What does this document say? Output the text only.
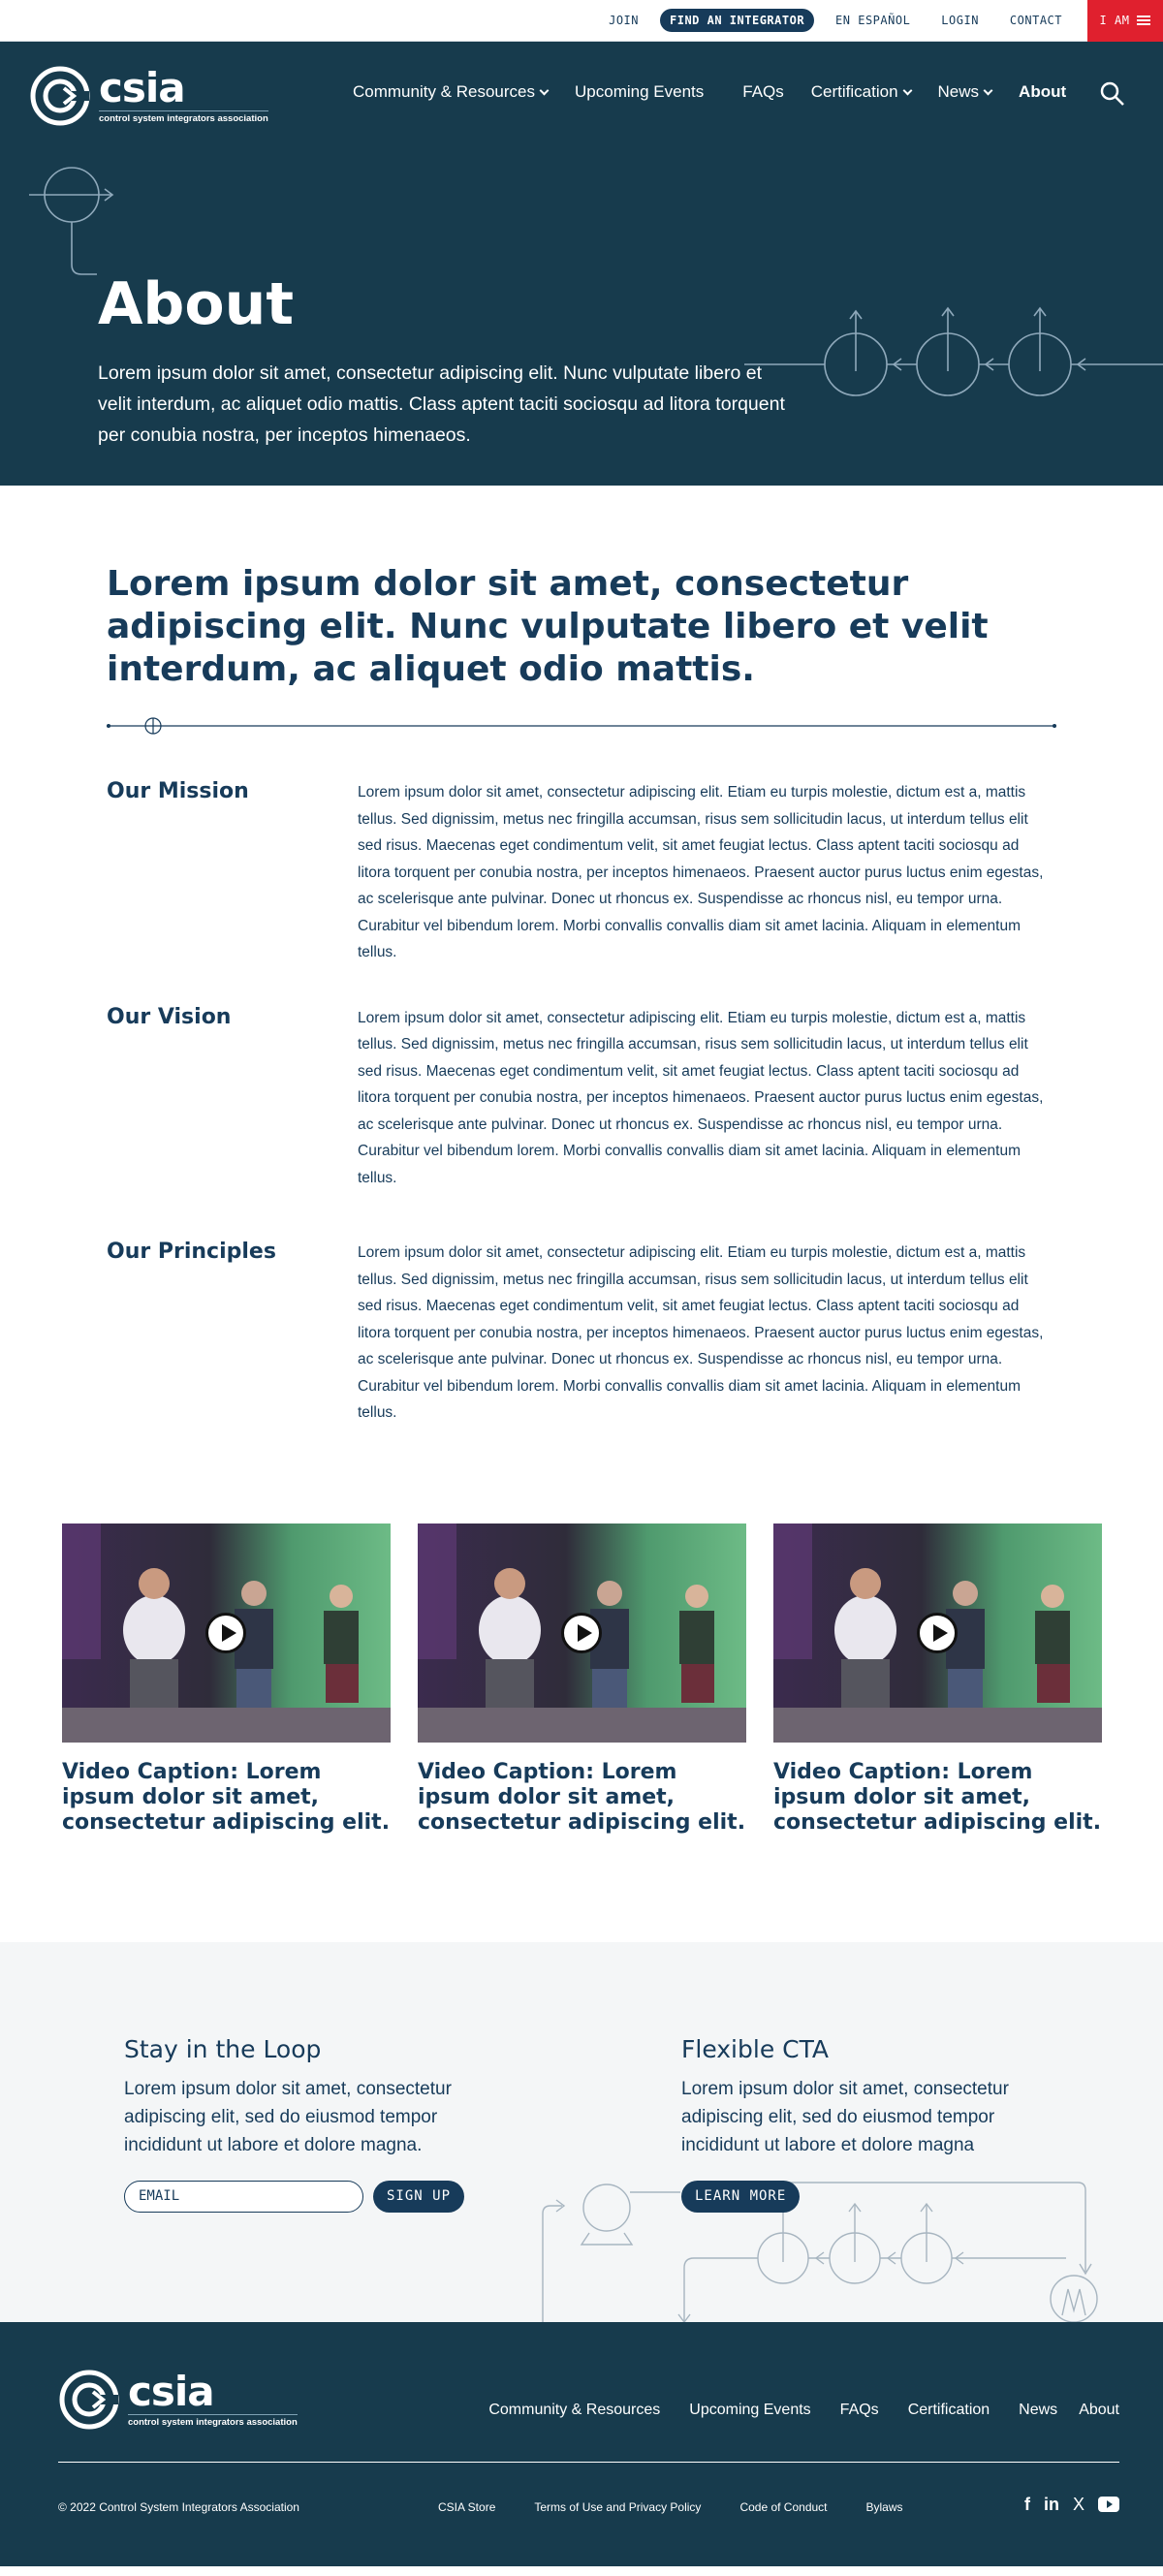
JOIN	FIND AN INTEGRATOR	EN ESPAÑOL	LOGIN	CONTACT	I AM
csia
control system integrators association
Community & Resources Upcoming Events FAQs Certification News About
About

Lorem ipsum dolor sit amet, consectetur adipiscing elit. Nunc vulputate libero et velit interdum, ac aliquet odio mattis. Class aptent taciti sociosqu ad litora torquent per conubia nostra, per inceptos himenaeos.

Lorem ipsum dolor sit amet, consectetur adipiscing elit. Nunc vulputate libero et velit interdum, ac aliquet odio mattis.
Our Mission	Lorem ipsum dolor sit amet, consectetur adipiscing elit. Etiam eu turpis molestie, dictum est a, mattis tellus. Sed dignissim, metus nec fringilla accumsan, risus sem sollicitudin lacus, ut interdum tellus elit sed risus. Maecenas eget condimentum velit, sit amet feugiat lectus. Class aptent taciti sociosqu ad litora torquent per conubia nostra, per inceptos himenaeos. Praesent auctor purus luctus enim egestas, ac scelerisque ante pulvinar. Donec ut rhoncus ex. Suspendisse ac rhoncus nisl, eu tempor urna. Curabitur vel bibendum lorem. Morbi convallis convallis diam sit amet lacinia. Aliquam in elementum tellus.

Our Vision	Lorem ipsum dolor sit amet, consectetur adipiscing elit. Etiam eu turpis molestie, dictum est a, mattis tellus. Sed dignissim, metus nec fringilla accumsan, risus sem sollicitudin lacus, ut interdum tellus elit sed risus. Maecenas eget condimentum velit, sit amet feugiat lectus. Class aptent taciti sociosqu ad litora torquent per conubia nostra, per inceptos himenaeos. Praesent auctor purus luctus enim egestas, ac scelerisque ante pulvinar. Donec ut rhoncus ex. Suspendisse ac rhoncus nisl, eu tempor urna. Curabitur vel bibendum lorem. Morbi convallis convallis diam sit amet lacinia. Aliquam in elementum tellus.

Our Principles	Lorem ipsum dolor sit amet, consectetur adipiscing elit. Etiam eu turpis molestie, dictum est a, mattis tellus. Sed dignissim, metus nec fringilla accumsan, risus sem sollicitudin lacus, ut interdum tellus elit sed risus. Maecenas eget condimentum velit, sit amet feugiat lectus. Class aptent taciti sociosqu ad litora torquent per conubia nostra, per inceptos himenaeos. Praesent auctor purus luctus enim egestas, ac scelerisque ante pulvinar. Donec ut rhoncus ex. Suspendisse ac rhoncus nisl, eu tempor urna. Curabitur vel bibendum lorem. Morbi convallis convallis diam sit amet lacinia. Aliquam in elementum tellus.

Video Caption: Lorem ipsum dolor sit amet, consectetur adipiscing elit.
Video Caption: Lorem ipsum dolor sit amet, consectetur adipiscing elit.
Video Caption: Lorem ipsum dolor sit amet, consectetur adipiscing elit.
Stay in the Loop

Lorem ipsum dolor sit amet, consectetur adipiscing elit, sed do eiusmod tempor incididunt ut labore et dolore magna.

EMAIL
SIGN UP
Flexible CTA

Lorem ipsum dolor sit amet, consectetur adipiscing elit, sed do eiusmod tempor incididunt ut labore et dolore magna

LEARN MORE
csia
control system integrators association
Community & Resources Upcoming Events FAQs Certification News About
© 2022 Control System Integrators Association	CSIA Store	Terms of Use and Privacy Policy	Code of Conduct	Bylaws	f in X
